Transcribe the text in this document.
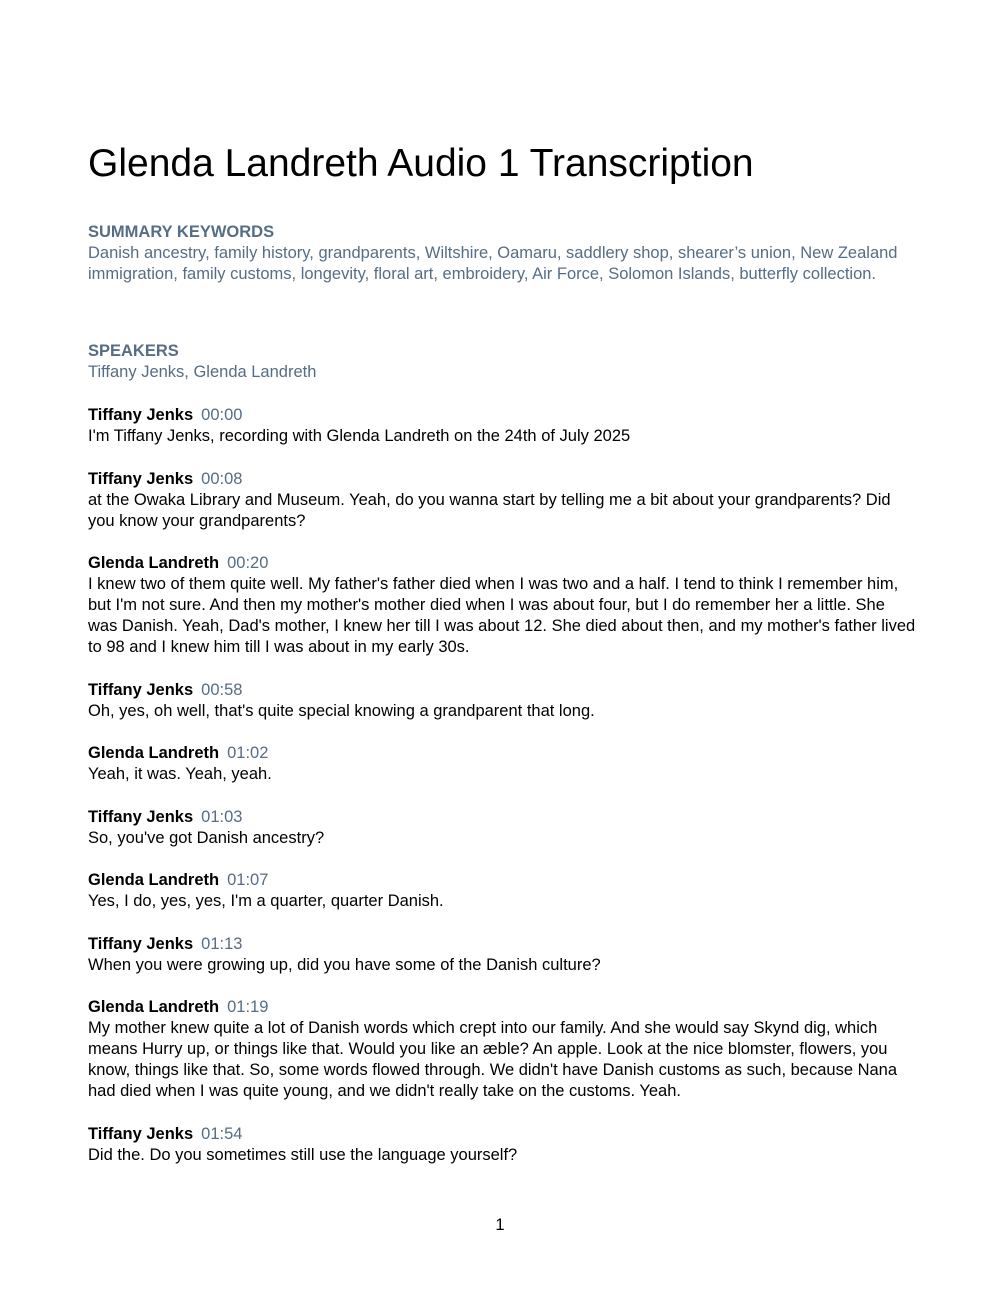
Glenda Landreth Audio 1 Transcription
SUMMARY KEYWORDS
Danish ancestry, family history, grandparents, Wiltshire, Oamaru, saddlery shop, shearer’s union, New Zealand immigration, family customs, longevity, floral art, embroidery, Air Force, Solomon Islands, butterfly collection.
SPEAKERS
Tiffany Jenks, Glenda Landreth
Tiffany Jenks 00:00
I'm Tiffany Jenks, recording with Glenda Landreth on the 24th of July 2025
Tiffany Jenks 00:08
at the Owaka Library and Museum. Yeah, do you wanna start by telling me a bit about your grandparents? Did you know your grandparents?
Glenda Landreth 00:20
I knew two of them quite well. My father's father died when I was two and a half. I tend to think I remember him, but I'm not sure. And then my mother's mother died when I was about four, but I do remember her a little. She was Danish. Yeah, Dad's mother, I knew her till I was about 12. She died about then, and my mother's father lived to 98 and I knew him till I was about in my early 30s.
Tiffany Jenks 00:58
Oh, yes, oh well, that's quite special knowing a grandparent that long.
Glenda Landreth 01:02
Yeah, it was. Yeah, yeah.
Tiffany Jenks 01:03
So, you've got Danish ancestry?
Glenda Landreth 01:07
Yes, I do, yes, yes, I'm a quarter, quarter Danish.
Tiffany Jenks 01:13
When you were growing up, did you have some of the Danish culture?
Glenda Landreth 01:19
My mother knew quite a lot of Danish words which crept into our family. And she would say Skynd dig, which means Hurry up, or things like that. Would you like an æble? An apple. Look at the nice blomster, flowers, you know, things like that. So, some words flowed through. We didn't have Danish customs as such, because Nana had died when I was quite young, and we didn't really take on the customs. Yeah.
Tiffany Jenks 01:54
Did the. Do you sometimes still use the language yourself?
1
